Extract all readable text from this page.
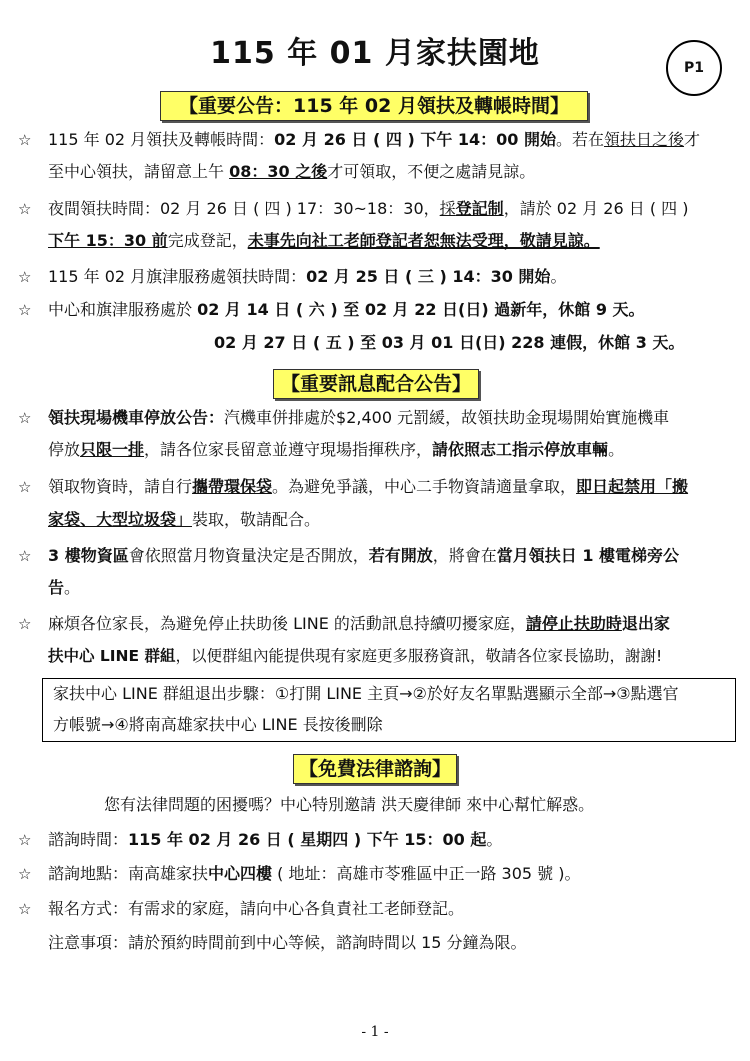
115 年 01 月家扶園地	P1
【重要公告：115 年 02 月領扶及轉帳時間】
☆ 115 年 02 月領扶及轉帳時間：02 月 26 日 ( 四 ) 下午 14：00 開始。若在領扶日之後才
至中心領扶，請留意上午 08：30 之後才可領取，不便之處請見諒。
☆ 夜間領扶時間：02 月 26 日 ( 四 ) 17：30~18：30，採登記制，請於 02 月 26 日 ( 四 )
下午 15：30 前完成登記，未事先向社工老師登記者恕無法受理，敬請見諒。
☆ 115 年 02 月旗津服務處領扶時間：02 月 25 日 ( 三 ) 14：30 開始。
☆ 中心和旗津服務處於 02 月 14 日 ( 六 ) 至 02 月 22 日(日) 過新年，休館 9 天。
02 月 27 日 ( 五 ) 至 03 月 01 日(日) 228 連假，休館 3 天。
【重要訊息配合公告】
☆ 領扶現場機車停放公告：汽機車併排處於$2,400 元罰緩，故領扶助金現場開始實施機車
停放只限一排，請各位家長留意並遵守現場指揮秩序，請依照志工指示停放車輛。
☆ 領取物資時，請自行攜帶環保袋。為避免爭議，中心二手物資請適量拿取，即日起禁用「搬
家袋、大型垃圾袋」裝取，敬請配合。
☆ 3 樓物資區會依照當月物資量決定是否開放，若有開放，將會在當月領扶日 1 樓電梯旁公
告。
☆ 麻煩各位家長，為避免停止扶助後 LINE 的活動訊息持續叨擾家庭，請停止扶助時退出家
扶中心 LINE 群組，以便群組內能提供現有家庭更多服務資訊，敬請各位家長協助，謝謝!
家扶中心 LINE 群組退出步驟：①打開 LINE 主頁→②於好友名單點選顯示全部→③點選官
方帳號→④將南高雄家扶中心 LINE 長按後刪除
【免費法律諮詢】
您有法律問題的困擾嗎？中心特別邀請 洪天慶律師 來中心幫忙解惑。
☆ 諮詢時間：115 年 02 月 26 日 ( 星期四 ) 下午 15：00 起。
☆ 諮詢地點：南高雄家扶中心四樓 ( 地址：高雄市苓雅區中正一路 305 號 )。
☆ 報名方式：有需求的家庭，請向中心各負責社工老師登記。
注意事項：請於預約時間前到中心等候，諮詢時間以 15 分鐘為限。
- 1 -
